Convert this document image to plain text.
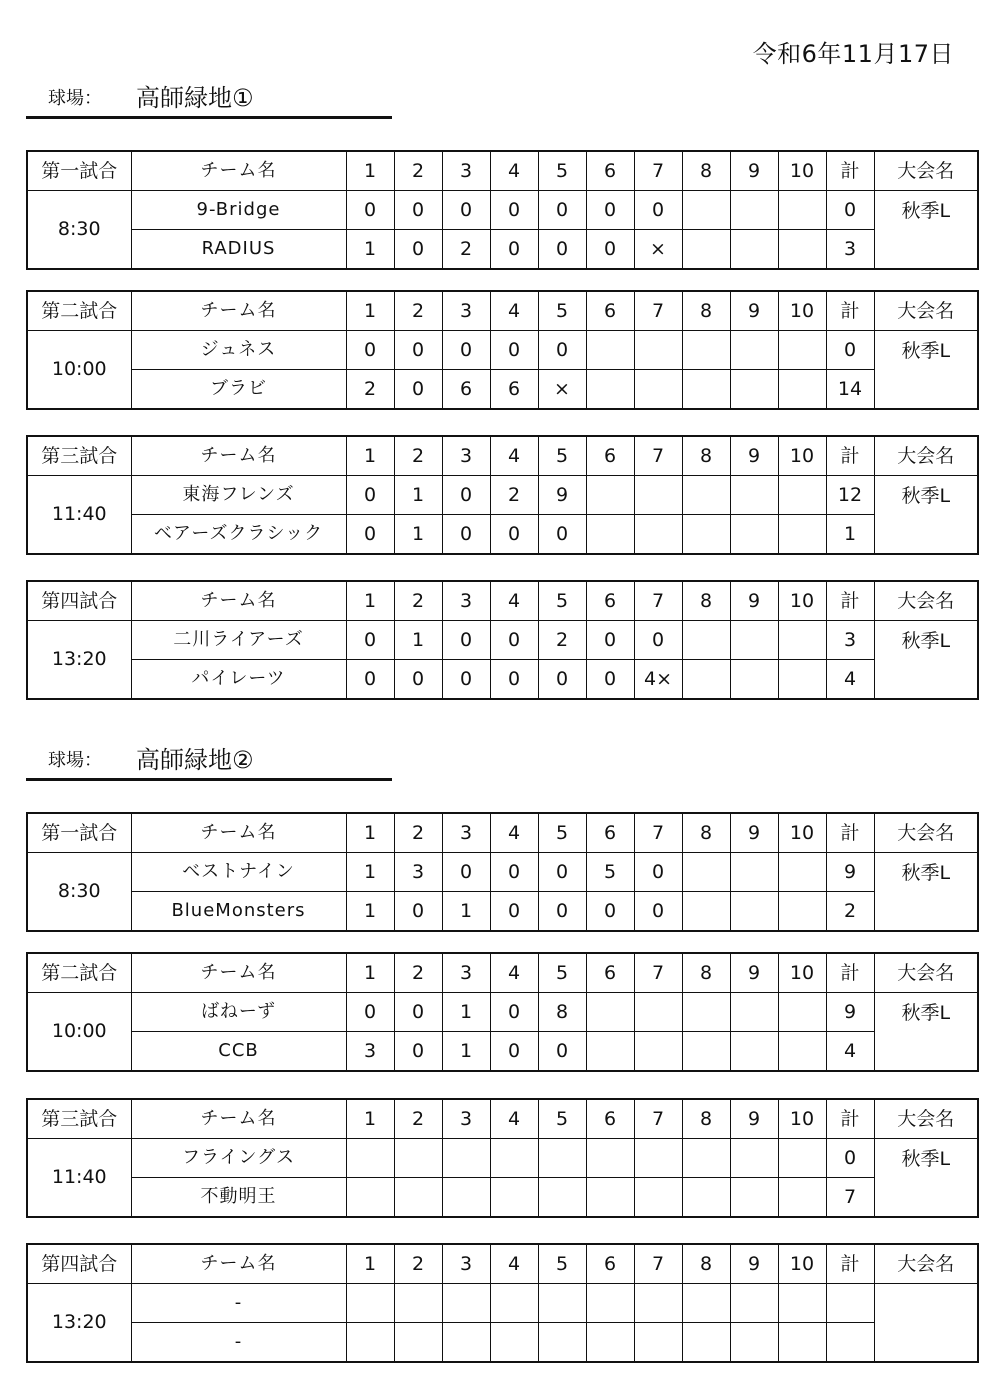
令和6年11月17日
球場： 高師緑地①
第一試合	チーム名	1	2	3	4	5	6	7	8	9	10	計	大会名
8:30	9-Bridge	0	0	0	0	0	0	0				0	秋季L
	RADIUS	1	0	2	0	0	0	×				3	
第二試合	チーム名	1	2	3	4	5	6	7	8	9	10	計	大会名
10:00	ジュネス	0	0	0	0	0						0	秋季L
	ブラビ	2	0	6	6	×						14	
第三試合	チーム名	1	2	3	4	5	6	7	8	9	10	計	大会名
11:40	東海フレンズ	0	1	0	2	9						12	秋季L
	ベアーズクラシック	0	1	0	0	0						1	
第四試合	チーム名	1	2	3	4	5	6	7	8	9	10	計	大会名
13:20	二川ライアーズ	0	1	0	0	2	0	0				3	秋季L
	パイレーツ	0	0	0	0	0	0	4×				4	
球場： 高師緑地②
第一試合	チーム名	1	2	3	4	5	6	7	8	9	10	計	大会名
8:30	ベストナイン	1	3	0	0	0	5	0				9	秋季L
	BlueMonsters	1	0	1	0	0	0	0				2	
第二試合	チーム名	1	2	3	4	5	6	7	8	9	10	計	大会名
10:00	ばねーず	0	0	1	0	8						9	秋季L
	CCB	3	0	1	0	0						4	
第三試合	チーム名	1	2	3	4	5	6	7	8	9	10	計	大会名
11:40	フライングス											0	秋季L
	不動明王											7	
第四試合	チーム名	1	2	3	4	5	6	7	8	9	10	計	大会名
13:20	-												
	-												
